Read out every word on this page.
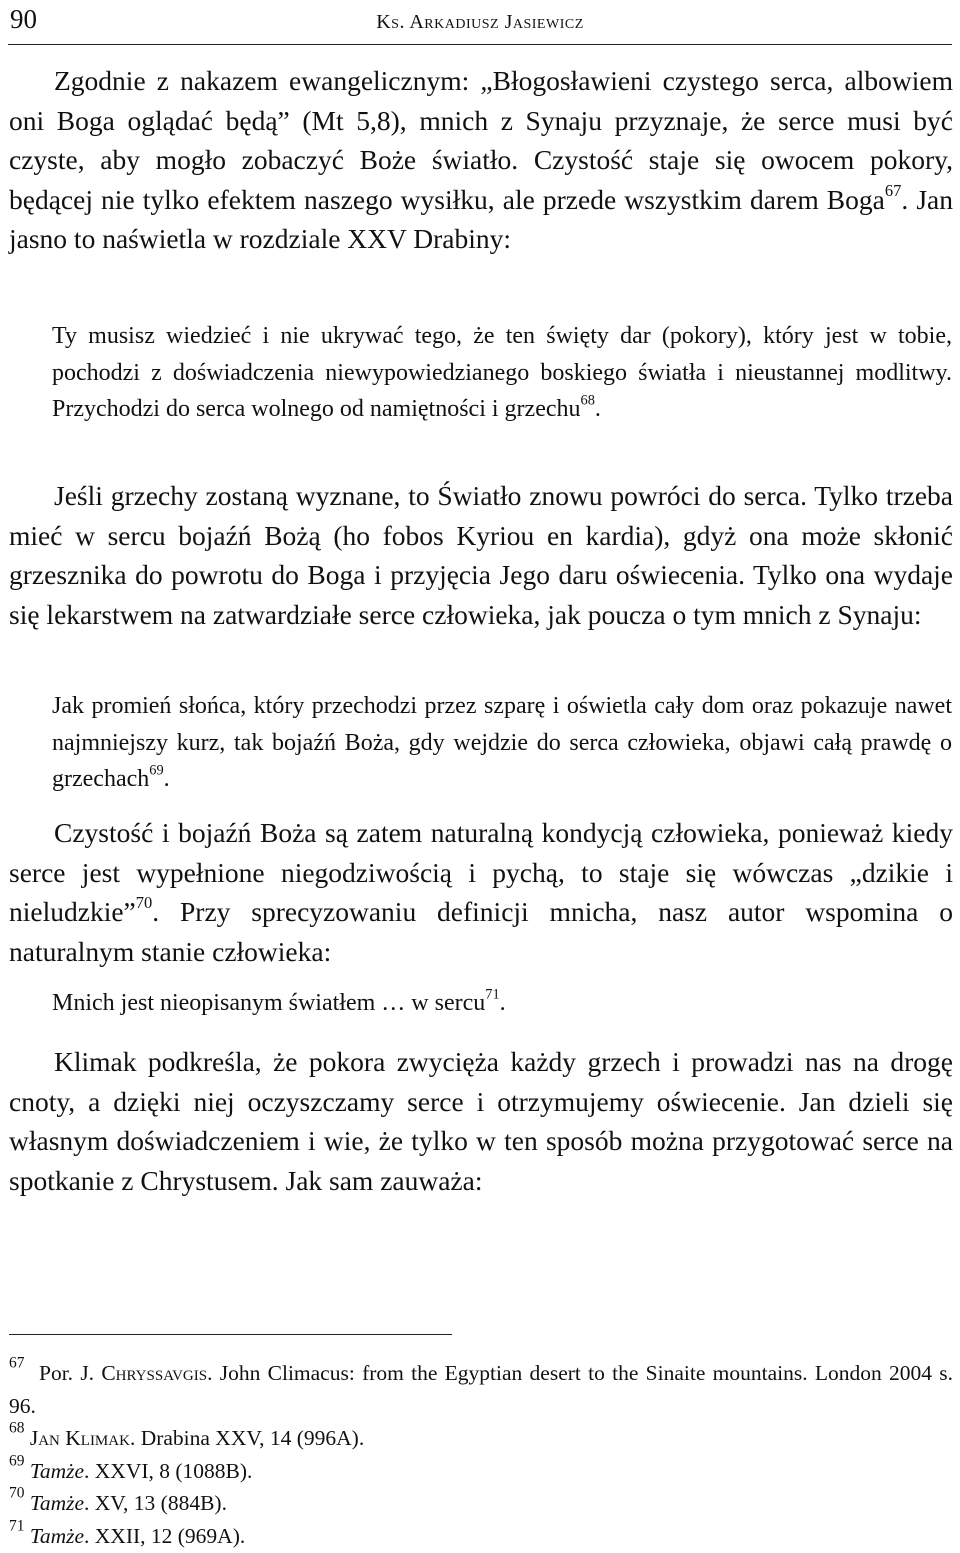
90	Ks. Arkadiusz Jasiewicz

Zgodnie z nakazem ewangelicznym: „Błogosławieni czystego serca, albowiem oni Boga oglądać będą” (Mt 5,8), mnich z Synaju przyznaje, że serce musi być czyste, aby mogło zobaczyć Boże światło. Czystość staje się owocem pokory, będącej nie tylko efektem naszego wysiłku, ale przede wszystkim darem Boga$^{67}$. Jan jasno to naświetla w rozdziale XXV Drabiny:

Ty musisz wiedzieć i nie ukrywać tego, że ten święty dar (pokory), który jest w tobie, pochodzi z doświadczenia niewypowiedzianego boskiego światła i nieustannej modlitwy. Przychodzi do serca wolnego od namiętności i grzechu$^{68}$.

Jeśli grzechy zostaną wyznane, to Światło znowu powróci do serca. Tylko trzeba mieć w sercu bojaźń Bożą (ho fobos Kyriou en kardia), gdyż ona może skłonić grzesznika do powrotu do Boga i przyjęcia Jego daru oświecenia. Tylko ona wydaje się lekarstwem na zatwardziałe serce człowieka, jak poucza o tym mnich z Synaju:

Jak promień słońca, który przechodzi przez szparę i oświetla cały dom oraz pokazuje nawet najmniejszy kurz, tak bojaźń Boża, gdy wejdzie do serca człowieka, objawi całą prawdę o grzechach$^{69}$.

Czystość i bojaźń Boża są zatem naturalną kondycją człowieka, ponieważ kiedy serce jest wypełnione niegodziwością i pychą, to staje się wówczas „dzikie i nieludzkie”$^{70}$. Przy sprecyzowaniu definicji mnicha, nasz autor wspomina o naturalnym stanie człowieka:

Mnich jest nieopisanym światłem … w sercu$^{71}$.

Klimak podkreśla, że pokora zwycięża każdy grzech i prowadzi nas na drogę cnoty, a dzięki niej oczyszczamy serce i otrzymujemy oświecenie. Jan dzieli się własnym doświadczeniem i wie, że tylko w ten sposób można przygotować serce na spotkanie z Chrystusem. Jak sam zauważa:

$^{67}$ Por. J. Chryssavgis. John Climacus: from the Egyptian desert to the Sinaite mountains. London 2004 s. 96.

$^{68}$ Jan Klimak. Drabina XXV, 14 (996A).

$^{69}$ Tamże. XXVI, 8 (1088B).

$^{70}$ Tamże. XV, 13 (884B).

$^{71}$ Tamże. XXII, 12 (969A).
